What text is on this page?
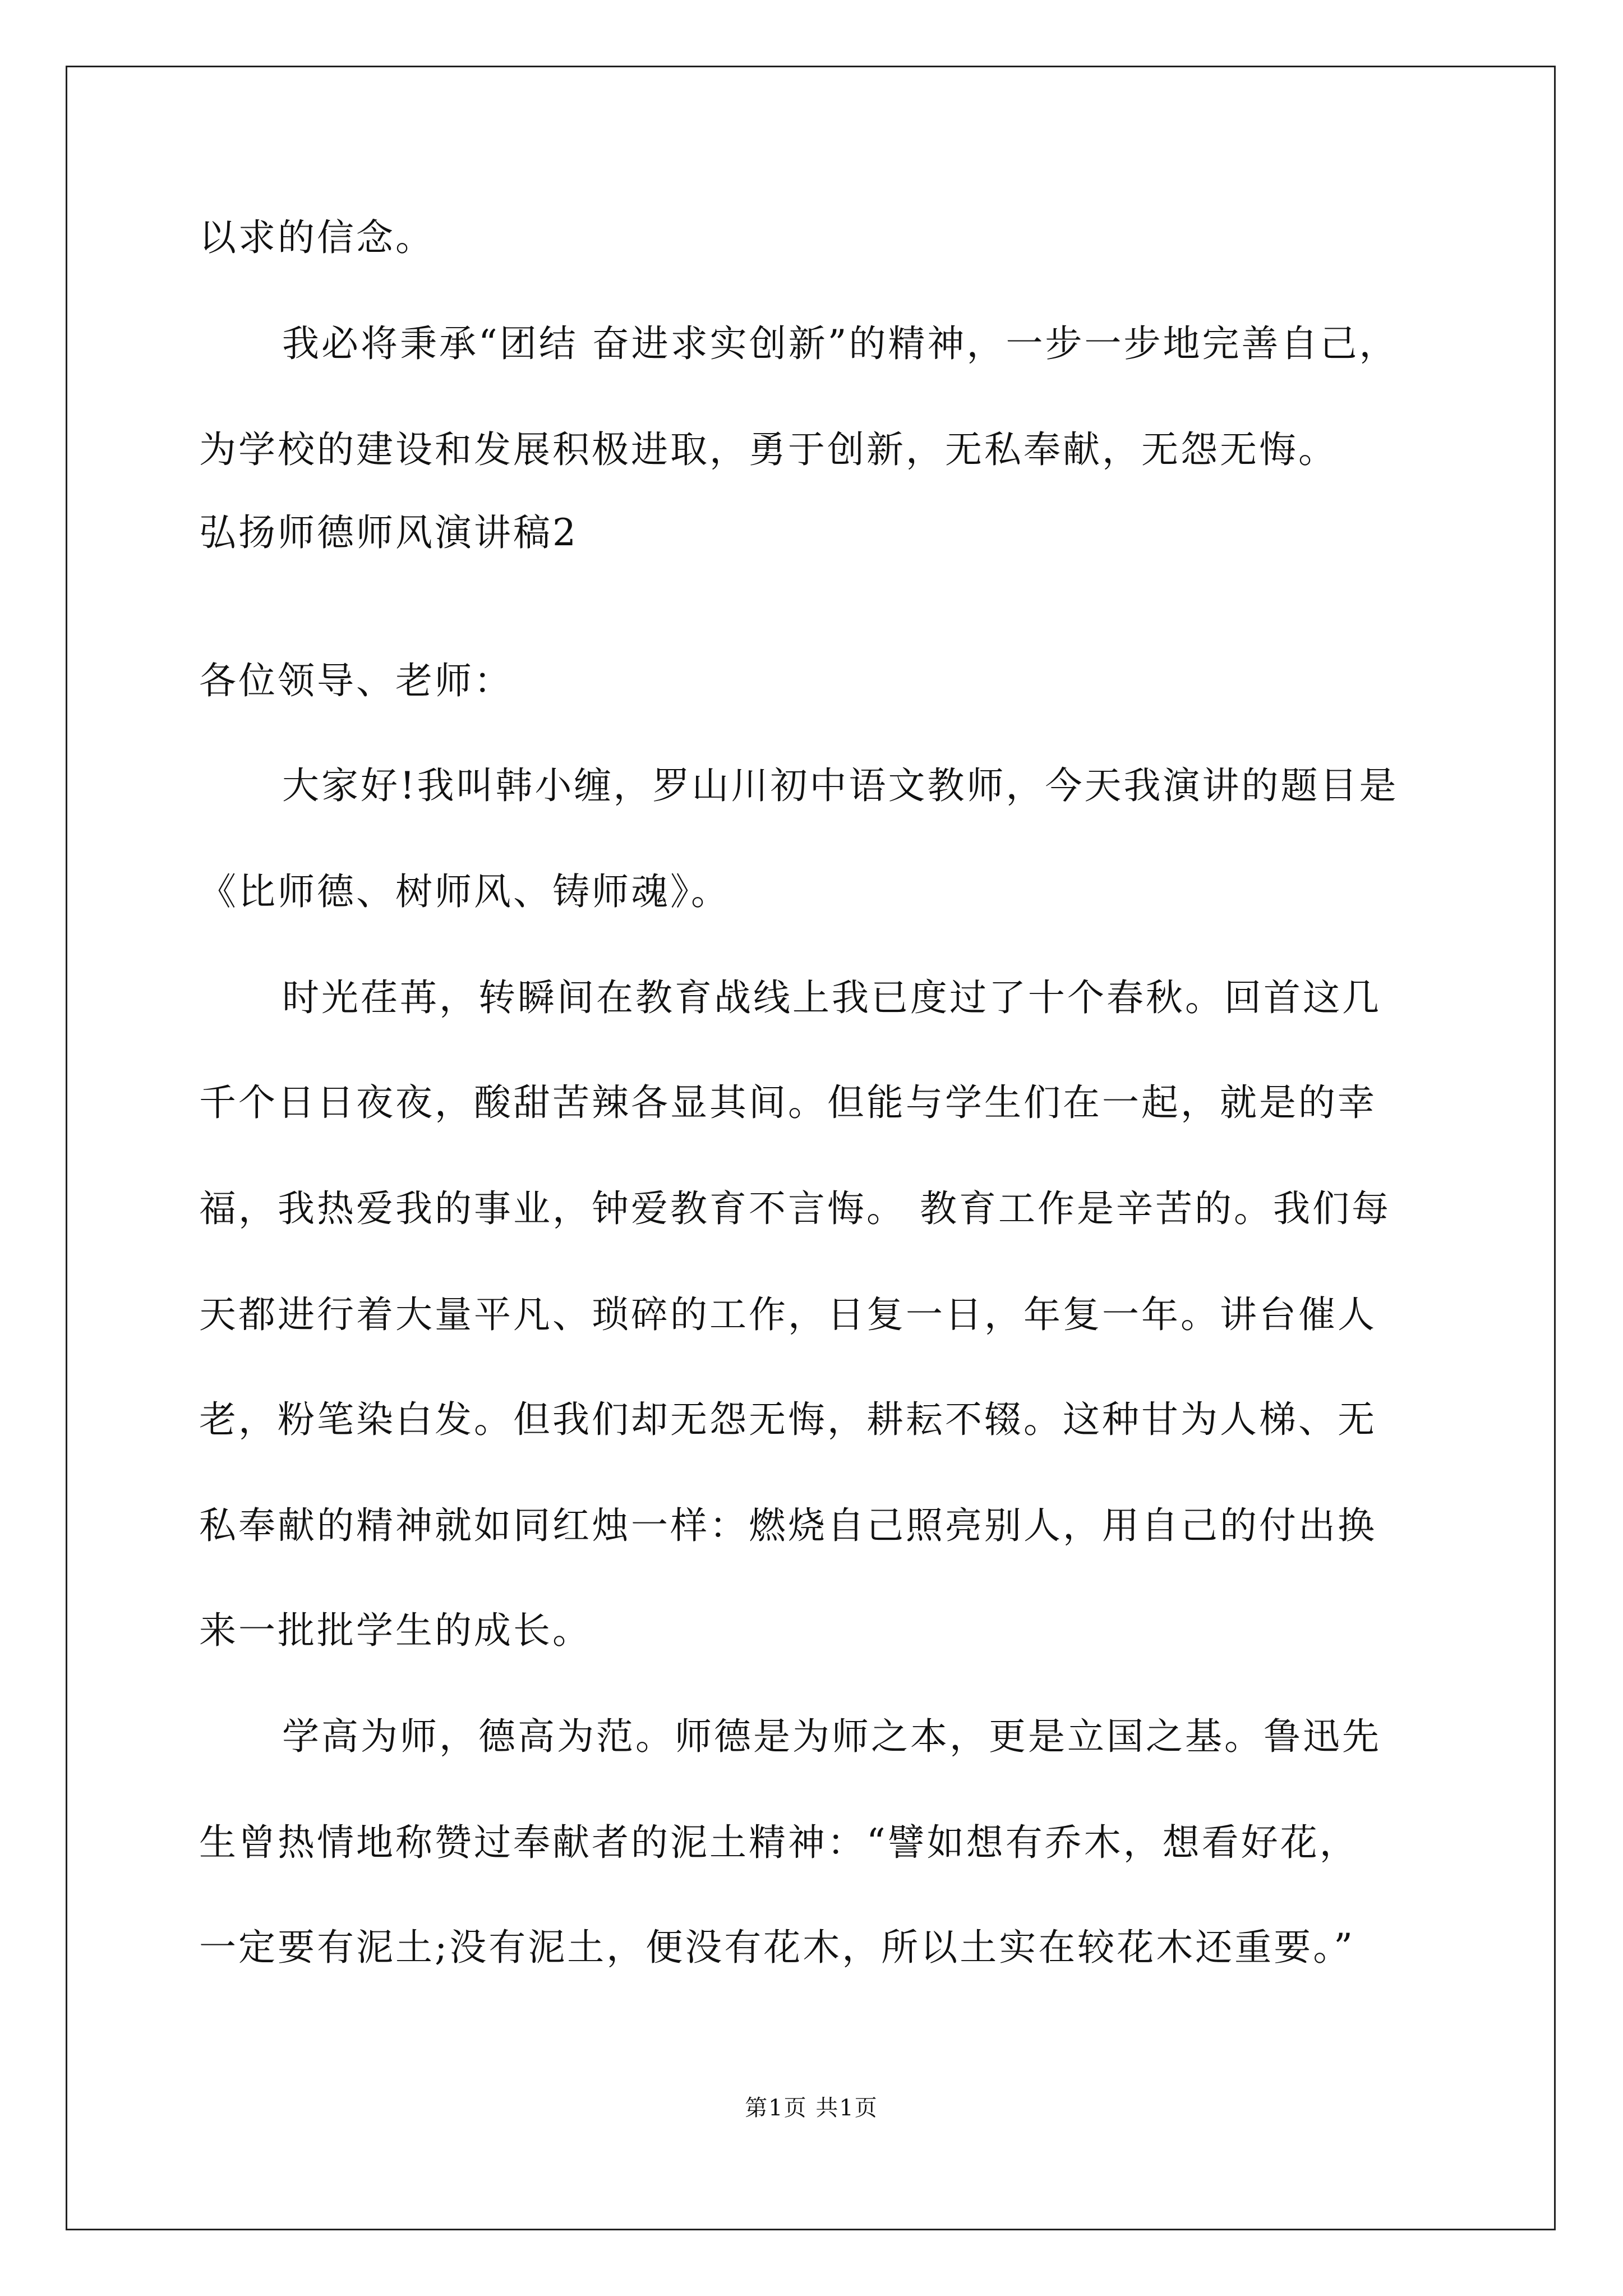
以求的信念。
我必将秉承“团结 奋进求实创新”的精神，一步一步地完善自己，
为学校的建设和发展积极进取，勇于创新，无私奉献，无怨无悔。
弘扬师德师风演讲稿2
各位领导、老师：
大家好!我叫韩小缠，罗山川初中语文教师，今天我演讲的题目是
《比师德、树师风、铸师魂》。
时光荏苒，转瞬间在教育战线上我已度过了十个春秋。回首这几
千个日日夜夜，酸甜苦辣各显其间。但能与学生们在一起，就是的幸
福，我热爱我的事业，钟爱教育不言悔。 教育工作是辛苦的。我们每
天都进行着大量平凡、琐碎的工作，日复一日，年复一年。讲台催人
老，粉笔染白发。但我们却无怨无悔，耕耘不辍。这种甘为人梯、无
私奉献的精神就如同红烛一样：燃烧自己照亮别人，用自己的付出换
来一批批学生的成长。
学高为师，德高为范。师德是为师之本，更是立国之基。鲁迅先
生曾热情地称赞过奉献者的泥土精神：“譬如想有乔木，想看好花，
一定要有泥土;没有泥土，便没有花木，所以土实在较花木还重要。”
第1页 共1页
